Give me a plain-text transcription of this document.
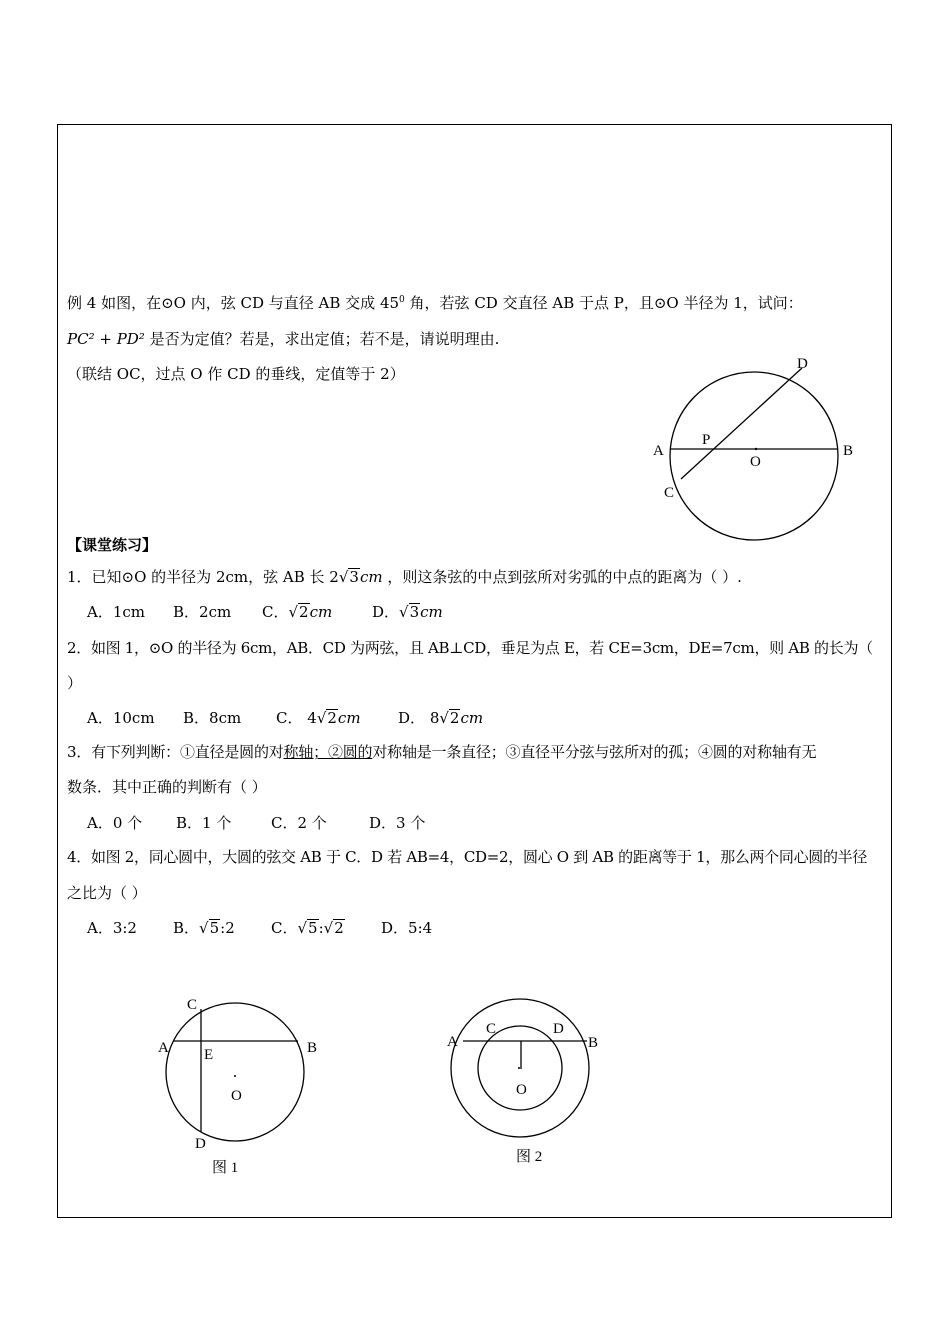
例 4 如图，在⊙O 内，弦 CD 与直径 AB 交成 $45^0$ 角，若弦 CD 交直径 AB 于点 P，且⊙O 半径为 1，试问：
PC² + PD² 是否为定值？若是，求出定值；若不是，请说明理由.
（联结 OC，过点 O 作 CD 的垂线，定值等于 2）
A	B
C
D
P
O
【课堂练习】
1．已知⊙O 的半径为 2cm，弦 AB 长 2√3cm ，则这条弦的中点到弦所对劣弧的中点的距离为（ ）.
A．1cm B．2cm C．√2cm	D．√3cm
2．如图 1，⊙O 的半径为 6cm，AB．CD 为两弦，且 AB⊥CD，垂足为点 E，若 CE=3cm，DE=7cm，则 AB 的长为（
）
A．10cm B．8cm C． 4√2cm D． 8√2cm
3．有下列判断：①直径是圆的对称轴；②圆的对称轴是一条直径；③直径平分弦与弦所对的孤；④圆的对称轴有无
数条．其中正确的判断有（ ）
A．0 个 B．1 个	C．2 个	D．3 个
4．如图 2，同心圆中，大圆的弦交 AB 于 C．D 若 AB=4，CD=2，圆心 O 到 AB 的距离等于 1，那么两个同心圆的半径
之比为（ ）
A．3:2 B．√5:2 C．√5:√2 D．5:4
C
A	B
E
O
D
图 1
A	B
C	D
O
图 2
